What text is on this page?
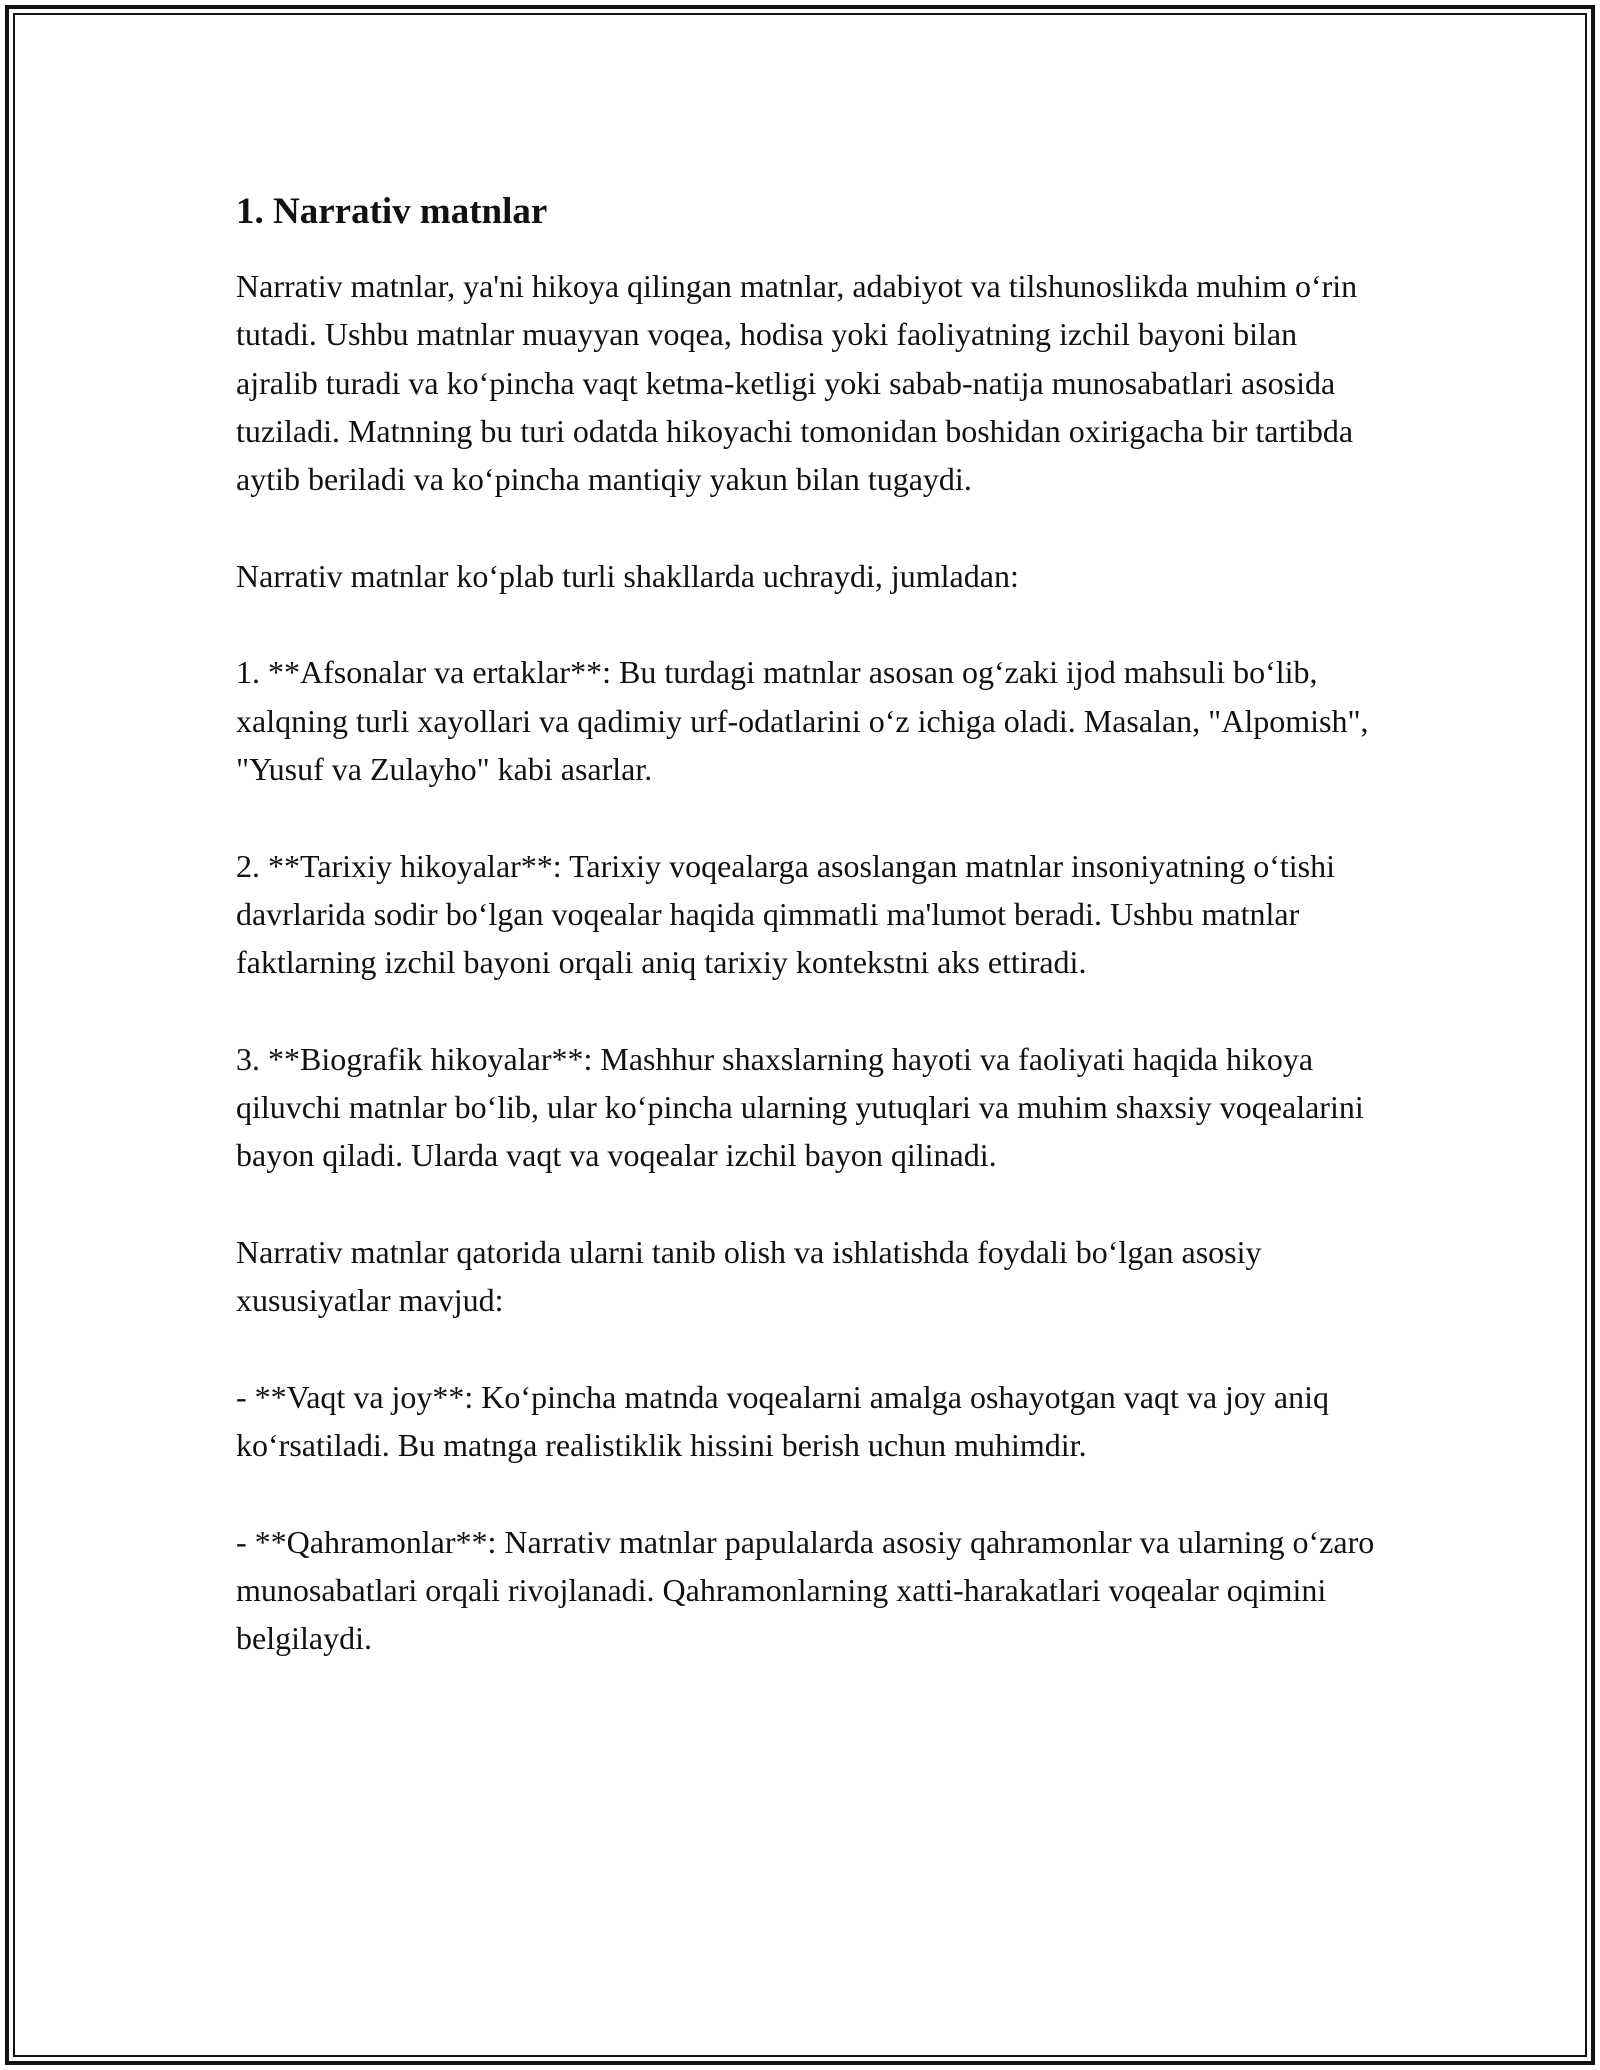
1. Narrativ matnlar

Narrativ matnlar, ya'ni hikoya qilingan matnlar, adabiyot va tilshunoslikda muhim o‘rin tutadi. Ushbu matnlar muayyan voqea, hodisa yoki faoliyatning izchil bayoni bilan ajralib turadi va ko‘pincha vaqt ketma-ketligi yoki sabab-natija munosabatlari asosida tuziladi. Matnning bu turi odatda hikoyachi tomonidan boshidan oxirigacha bir tartibda aytib beriladi va ko‘pincha mantiqiy yakun bilan tugaydi.

Narrativ matnlar ko‘plab turli shakllarda uchraydi, jumladan:

1. **Afsonalar va ertaklar**: Bu turdagi matnlar asosan og‘zaki ijod mahsuli bo‘lib, xalqning turli xayollari va qadimiy urf-odatlarini o‘z ichiga oladi. Masalan, "Alpomish", "Yusuf va Zulayho" kabi asarlar.

2. **Tarixiy hikoyalar**: Tarixiy voqealarga asoslangan matnlar insoniyatning o‘tishi davrlarida sodir bo‘lgan voqealar haqida qimmatli ma'lumot beradi. Ushbu matnlar faktlarning izchil bayoni orqali aniq tarixiy kontekstni aks ettiradi.

3. **Biografik hikoyalar**: Mashhur shaxslarning hayoti va faoliyati haqida hikoya qiluvchi matnlar bo‘lib, ular ko‘pincha ularning yutuqlari va muhim shaxsiy voqealarini bayon qiladi. Ularda vaqt va voqealar izchil bayon qilinadi.

Narrativ matnlar qatorida ularni tanib olish va ishlatishda foydali bo‘lgan asosiy xususiyatlar mavjud:

- **Vaqt va joy**: Ko‘pincha matnda voqealarni amalga oshayotgan vaqt va joy aniq ko‘rsatiladi. Bu matnga realistiklik hissini berish uchun muhimdir.

- **Qahramonlar**: Narrativ matnlar papulalarda asosiy qahramonlar va ularning o‘zaro munosabatlari orqali rivojlanadi. Qahramonlarning xatti-harakatlari voqealar oqimini belgilaydi.
